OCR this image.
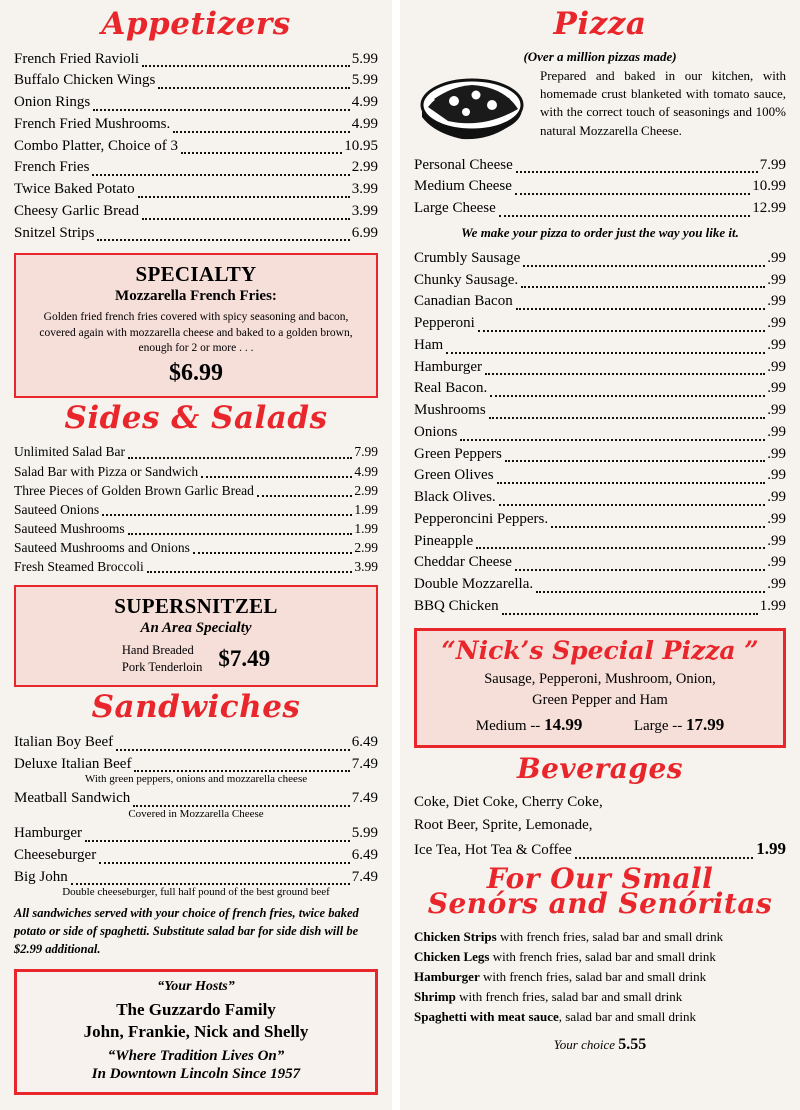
Appetizers
French Fried Ravioli	5.99
Buffalo Chicken Wings	5.99
Onion Rings	4.99
French Fried Mushrooms.	4.99
Combo Platter, Choice of 3	10.95
French Fries	2.99
Twice Baked Potato	3.99
Cheesy Garlic Bread	3.99
Snitzel Strips	6.99
SPECIALTY
Mozzarella French Fries:
Golden fried french fries covered with spicy seasoning and bacon, covered again with mozzarella cheese and baked to a golden brown, enough for 2 or more . . .
$6.99
Sides & Salads
Unlimited Salad Bar	7.99
Salad Bar with Pizza or Sandwich	4.99
Three Pieces of Golden Brown Garlic Bread	2.99
Sauteed Onions	1.99
Sauteed Mushrooms	1.99
Sauteed Mushrooms and Onions	2.99
Fresh Steamed Broccoli	3.99
SUPERSNITZEL
An Area Specialty
Hand Breaded
Pork Tenderloin $7.49
Sandwiches
Italian Boy Beef	6.49
Deluxe Italian Beef	7.49
With green peppers, onions and mozzarella cheese
Meatball Sandwich	7.49
Covered in Mozzarella Cheese
Hamburger	5.99
Cheeseburger	6.49
Big John	7.49
Double cheeseburger, full half pound of the best ground beef
All sandwiches served with your choice of french fries, twice baked potato or side of spaghetti. Substitute salad bar for side dish will be $2.99 additional.
“Your Hosts”
The Guzzardo Family
John, Frankie, Nick and Shelly
“Where Tradition Lives On”
In Downtown Lincoln Since 1957
Pizza
(Over a million pizzas made)
Prepared and baked in our kitchen, with homemade crust blanketed with tomato sauce, with the correct touch of seasonings and 100% natural Mozzarella Cheese.
Personal Cheese	7.99
Medium Cheese	10.99
Large Cheese	12.99
We make your pizza to order just the way you like it.
Crumbly Sausage	.99
Chunky Sausage.	.99
Canadian Bacon	.99
Pepperoni	.99
Ham	.99
Hamburger	.99
Real Bacon.	.99
Mushrooms	.99
Onions	.99
Green Peppers	.99
Green Olives	.99
Black Olives.	.99
Pepperoncini Peppers.	.99
Pineapple	.99
Cheddar Cheese	.99
Double Mozzarella.	.99
BBQ Chicken	1.99
“Nick’s Special Pizza ”
Sausage, Pepperoni, Mushroom, Onion,
Green Pepper and Ham
Medium -- 14.99	Large -- 17.99
Beverages
Coke, Diet Coke, Cherry Coke,
Root Beer, Sprite, Lemonade,
Ice Tea, Hot Tea & Coffee	1.99
For Our Small
Senórs and Senóritas
Chicken Strips with french fries, salad bar and small drink
Chicken Legs with french fries, salad bar and small drink
Hamburger with french fries, salad bar and small drink
Shrimp with french fries, salad bar and small drink
Spaghetti with meat sauce, salad bar and small drink
Your choice 5.55
